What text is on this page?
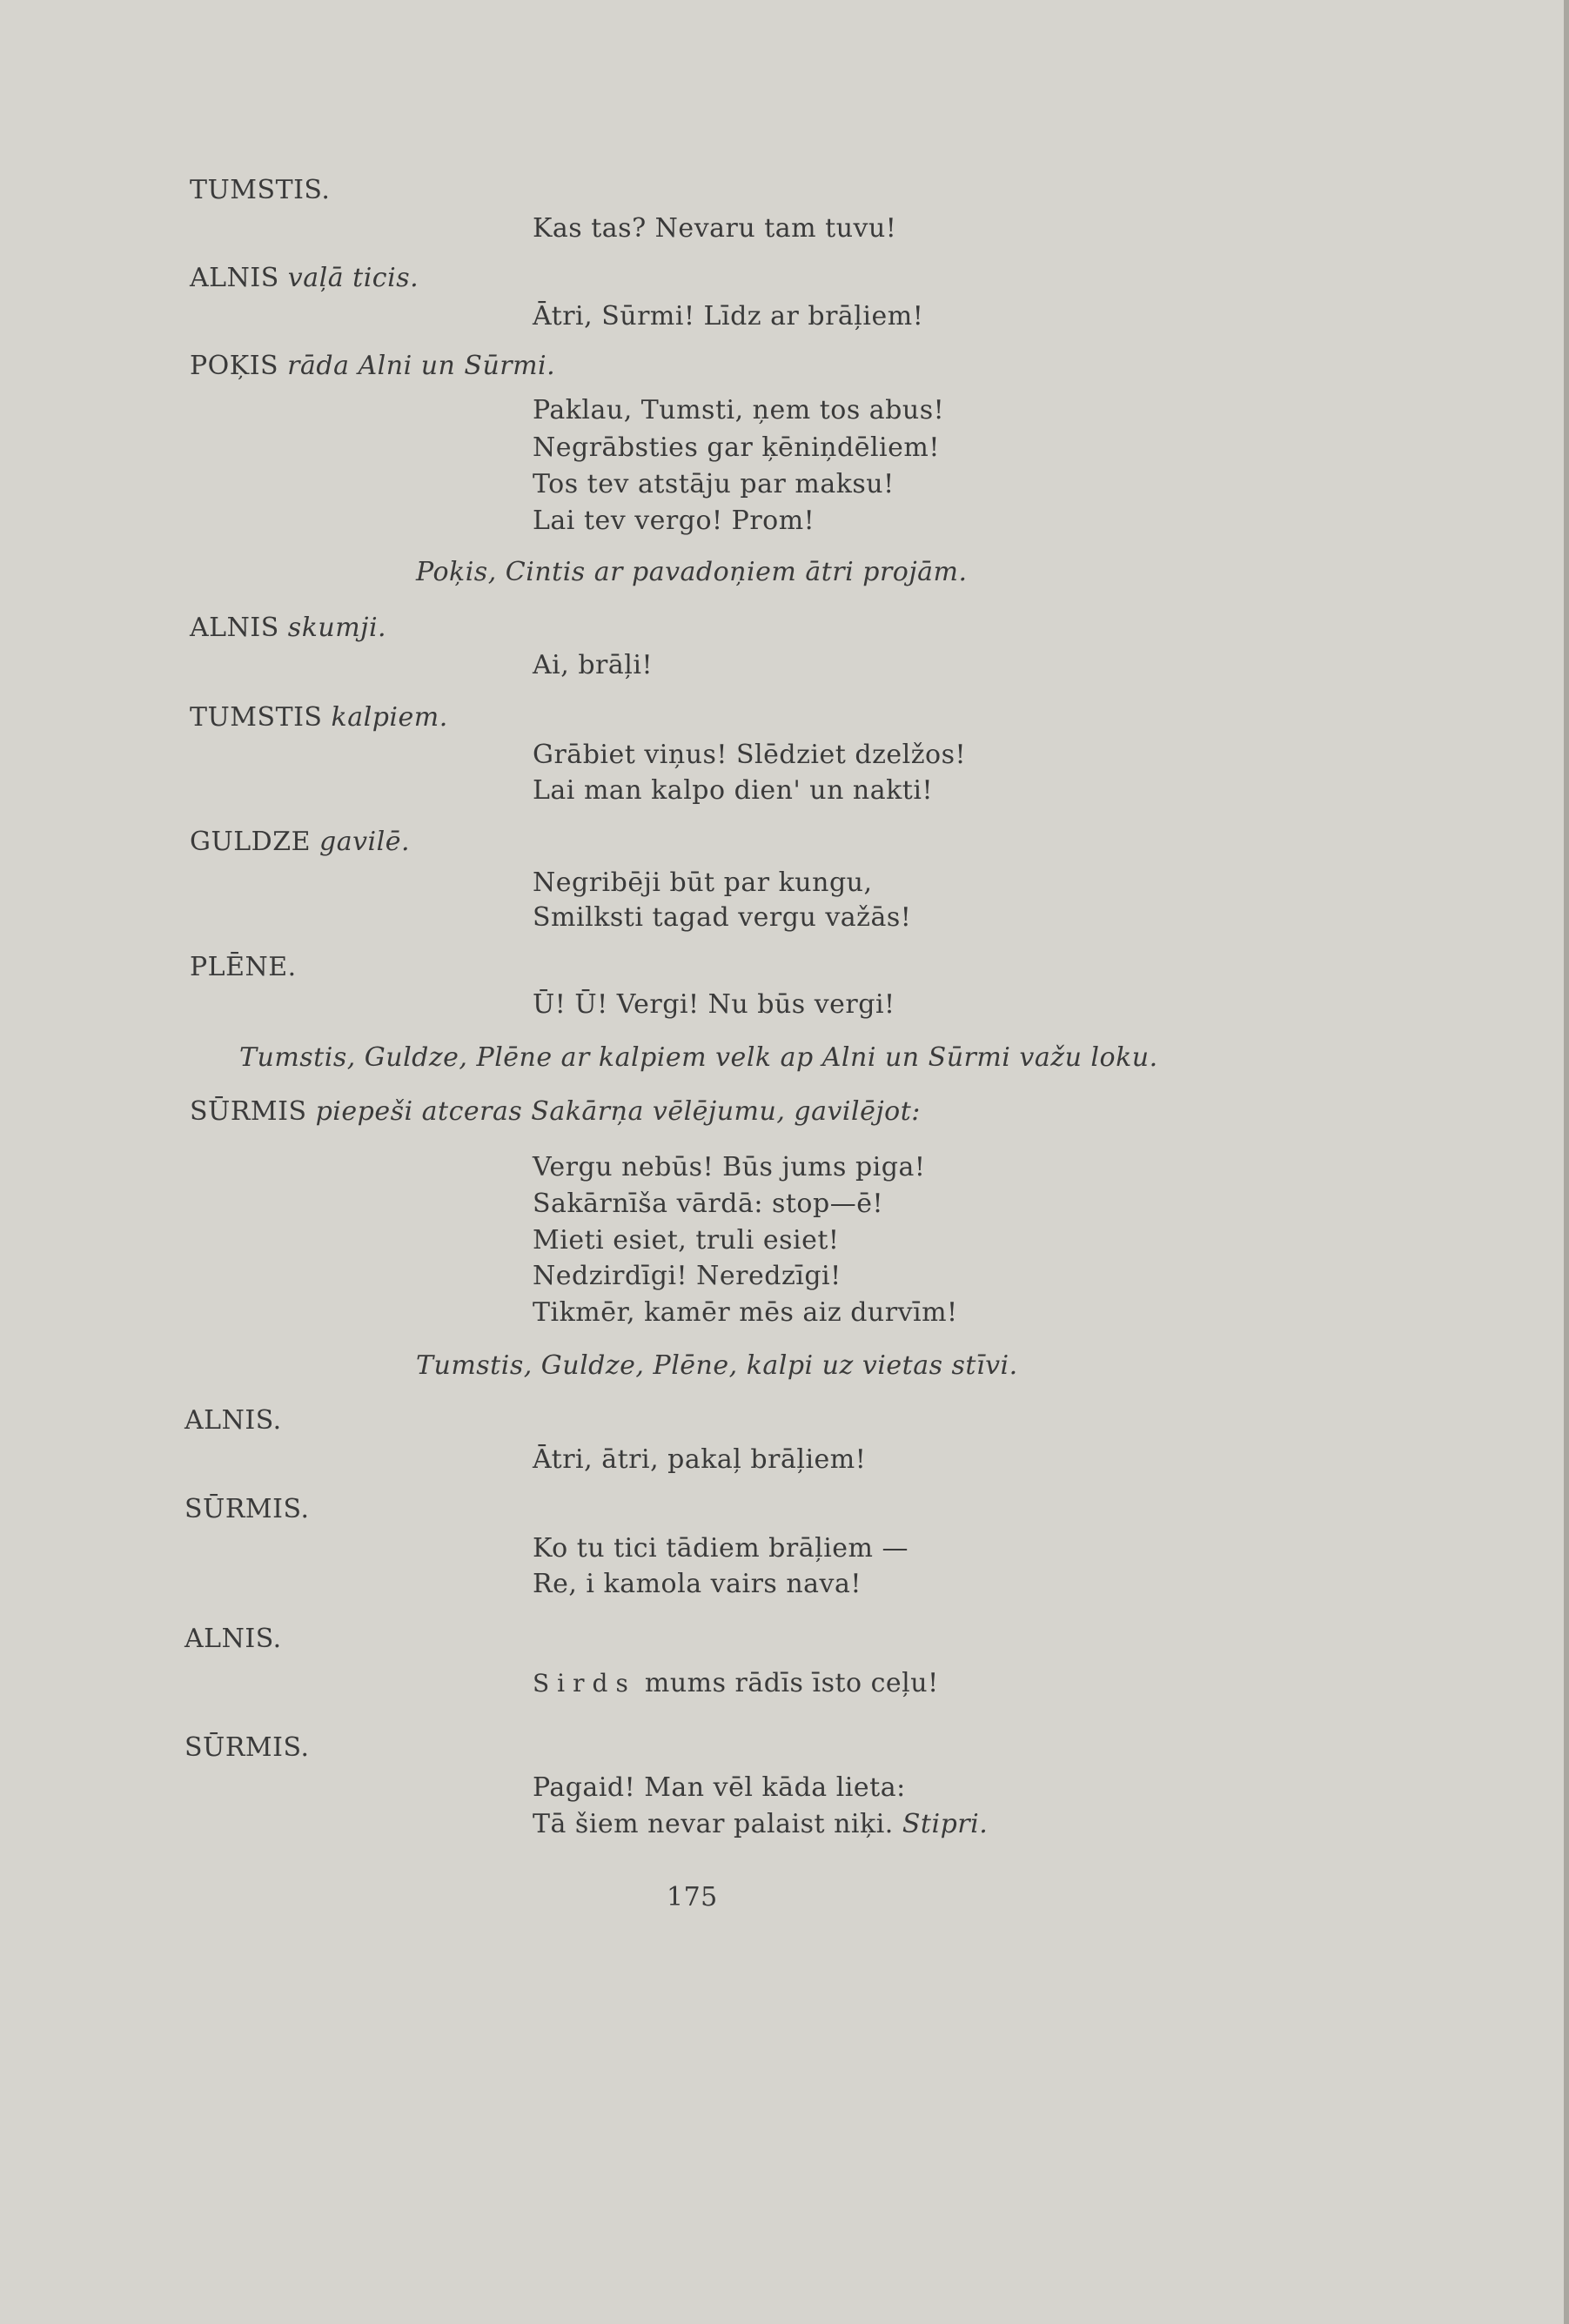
TUMSTIS.
Kas tas? Nevaru tam tuvu!
ALNIS vaļā ticis.
Ātri, Sūrmi! Līdz ar brāļiem!
POĶIS rāda Alni un Sūrmi.
Paklau, Tumsti, ņem tos abus!
Negrābsties gar ķēniņdēliem!
Tos tev atstāju par maksu!
Lai tev vergo! Prom!
Poķis, Cintis ar pavadoņiem ātri projām.
ALNIS skumji.
Ai, brāļi!
TUMSTIS kalpiem.
Grābiet viņus! Slēdziet dzelžos!
Lai man kalpo dien' un nakti!
GULDZE gavilē.
Negribēji būt par kungu,
Smilksti tagad vergu važās!
PLĒNE.
Ū! Ū! Vergi! Nu būs vergi!
Tumstis, Guldze, Plēne ar kalpiem velk ap Alni un Sūrmi važu loku.
SŪRMIS piepeši atceras Sakārņa vēlējumu, gavilējot:
Vergu nebūs! Būs jums piga!
Sakārnīša vārdā: stop—ē!
Mieti esiet, truli esiet!
Nedzirdīgi! Neredzīgi!
Tikmēr, kamēr mēs aiz durvīm!
Tumstis, Guldze, Plēne, kalpi uz vietas stīvi.
ALNIS.
Ātri, ātri, pakaļ brāļiem!
SŪRMIS.
Ko tu tici tādiem brāļiem —
Re, i kamola vairs nava!
ALNIS.
Sirds mums rādīs īsto ceļu!
SŪRMIS.
Pagaid! Man vēl kāda lieta:
Tā šiem nevar palaist niķi. Stipri.
175
